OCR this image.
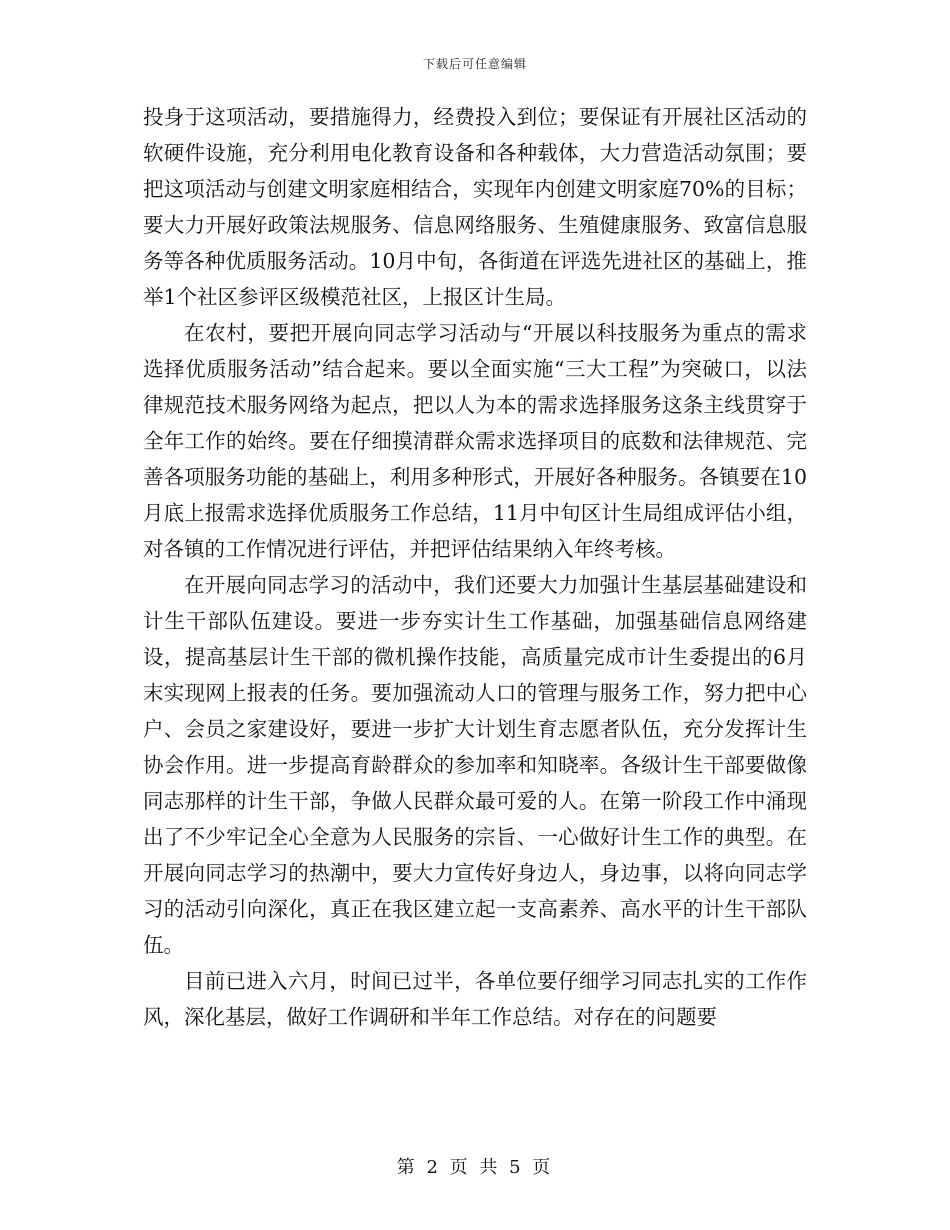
下载后可任意编辑

投身于这项活动，要措施得力，经费投入到位；要保证有开展社区活动的软硬件设施，充分利用电化教育设备和各种载体，大力营造活动氛围；要把这项活动与创建文明家庭相结合，实现年内创建文明家庭70%的目标；要大力开展好政策法规服务、信息网络服务、生殖健康服务、致富信息服务等各种优质服务活动。10月中旬，各街道在评选先进社区的基础上，推举1个社区参评区级模范社区，上报区计生局。

在农村，要把开展向同志学习活动与“开展以科技服务为重点的需求选择优质服务活动”结合起来。要以全面实施“三大工程”为突破口，以法律规范技术服务网络为起点，把以人为本的需求选择服务这条主线贯穿于全年工作的始终。要在仔细摸清群众需求选择项目的底数和法律规范、完善各项服务功能的基础上，利用多种形式，开展好各种服务。各镇要在10月底上报需求选择优质服务工作总结，11月中旬区计生局组成评估小组，对各镇的工作情况进行评估，并把评估结果纳入年终考核。

在开展向同志学习的活动中，我们还要大力加强计生基层基础建设和计生干部队伍建设。要进一步夯实计生工作基础，加强基础信息网络建设，提高基层计生干部的微机操作技能，高质量完成市计生委提出的6月末实现网上报表的任务。要加强流动人口的管理与服务工作，努力把中心户、会员之家建设好，要进一步扩大计划生育志愿者队伍，充分发挥计生协会作用。进一步提高育龄群众的参加率和知晓率。各级计生干部要做像同志那样的计生干部，争做人民群众最可爱的人。在第一阶段工作中涌现出了不少牢记全心全意为人民服务的宗旨、一心做好计生工作的典型。在开展向同志学习的热潮中，要大力宣传好身边人，身边事，以将向同志学习的活动引向深化，真正在我区建立起一支高素养、高水平的计生干部队伍。

目前已进入六月，时间已过半，各单位要仔细学习同志扎实的工作作风，深化基层，做好工作调研和半年工作总结。对存在的问题要

第 2 页 共 5 页
